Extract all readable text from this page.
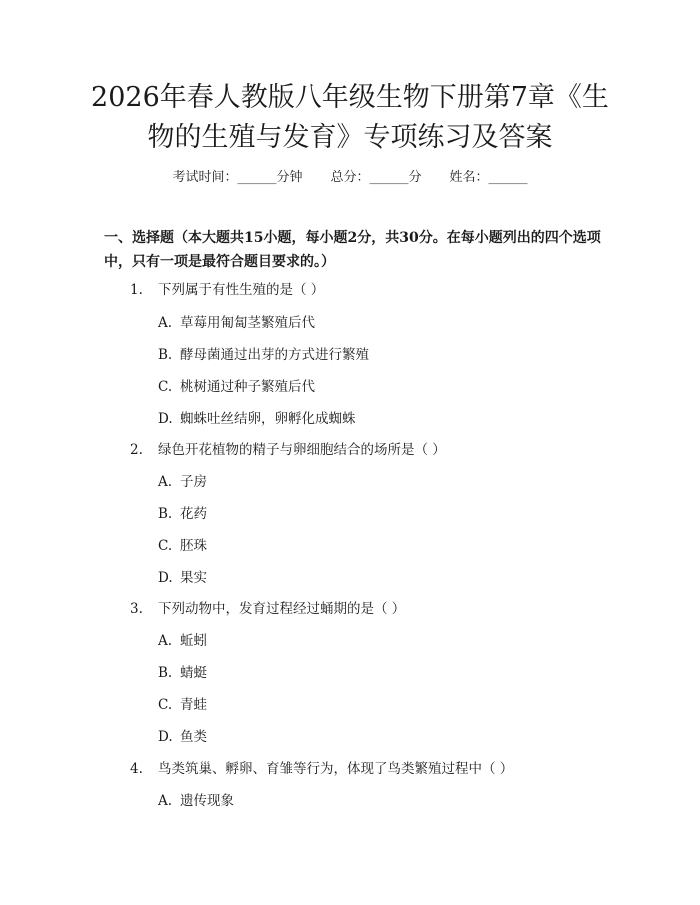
2026年春人教版八年级生物下册第7章《生
物的生殖与发育》专项练习及答案
考试时间：______分钟 总分：______分 姓名：______

一、选择题（本大题共15小题，每小题2分，共30分。在每小题列出的四个选项中，只有一项是最符合题目要求的。）

1. 下列属于有性生殖的是（ ）
A. 草莓用匍匐茎繁殖后代
B. 酵母菌通过出芽的方式进行繁殖
C. 桃树通过种子繁殖后代
D. 蜘蛛吐丝结卵，卵孵化成蜘蛛
2. 绿色开花植物的精子与卵细胞结合的场所是（ ）
A. 子房
B. 花药
C. 胚珠
D. 果实
3. 下列动物中，发育过程经过蛹期的是（ ）
A. 蚯蚓
B. 蜻蜓
C. 青蛙
D. 鱼类
4. 鸟类筑巢、孵卵、育雏等行为，体现了鸟类繁殖过程中（ ）
A. 遗传现象
